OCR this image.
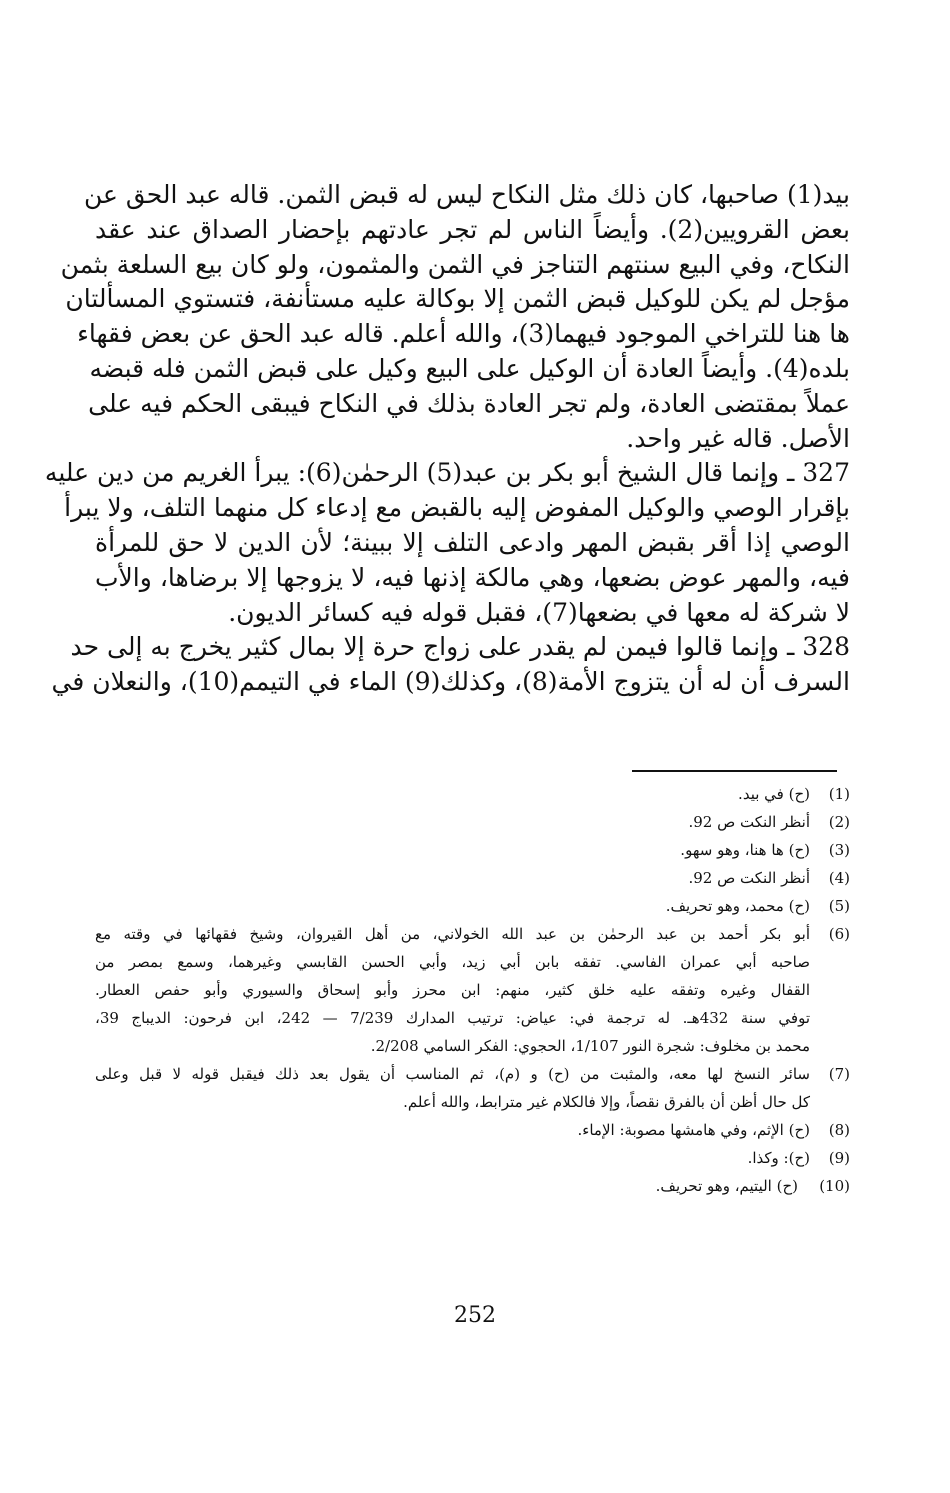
بيد(1) صاحبها، كان ذلك مثل النكاح ليس له قبض الثمن. قاله عبد الحق عن
بعض القرويين(2). وأيضاً الناس لم تجر عادتهم بإحضار الصداق عند عقد
النكاح، وفي البيع سنتهم التناجز في الثمن والمثمون، ولو كان بيع السلعة بثمن
مؤجل لم يكن للوكيل قبض الثمن إلا بوكالة عليه مستأنفة، فتستوي المسألتان
ها هنا للتراخي الموجود فيهما(3)، والله أعلم. قاله عبد الحق عن بعض فقهاء
بلده(4). وأيضاً العادة أن الوكيل على البيع وكيل على قبض الثمن فله قبضه
عملاً بمقتضى العادة، ولم تجر العادة بذلك في النكاح فيبقى الحكم فيه على
الأصل. قاله غير واحد.
327 ـ وإنما قال الشيخ أبو بكر بن عبد(5) الرحمٰن(6): يبرأ الغريم من دين عليه
بإقرار الوصي والوكيل المفوض إليه بالقبض مع إدعاء كل منهما التلف، ولا يبرأ
الوصي إذا أقر بقبض المهر وادعى التلف إلا ببينة؛ لأن الدين لا حق للمرأة
فيه، والمهر عوض بضعها، وهي مالكة إذنها فيه، لا يزوجها إلا برضاها، والأب
لا شركة له معها في بضعها(7)، فقبل قوله فيه كسائر الديون.
328 ـ وإنما قالوا فيمن لم يقدر على زواج حرة إلا بمال كثير يخرج به إلى حد
السرف أن له أن يتزوج الأمة(8)، وكذلك(9) الماء في التيمم(10)، والنعلان في
(1)
(ح) في بيد.
(2)
أنظر النكت ص 92.
(3)
(ح) ها هنا، وهو سهو.
(4)
أنظر النكت ص 92.
(5)
(ح) محمد، وهو تحريف.
(6)
أبو بكر أحمد بن عبد الرحمٰن بن عبد الله الخولاني، من أهل القيروان، وشيخ فقهائها في وقته مع
صاحبه أبي عمران الفاسي. تفقه بابن أبي زيد، وأبي الحسن القابسي وغيرهما، وسمع بمصر من
القفال وغيره وتفقه عليه خلق كثير، منهم: ابن محرز وأبو إسحاق والسيوري وأبو حفص العطار.
توفي سنة 432هـ. له ترجمة في: عياض: ترتيب المدارك 7/239 — 242، ابن فرحون: الديباج 39،
محمد بن مخلوف: شجرة النور 1/107، الحجوي: الفكر السامي 2/208.
(7)
سائر النسخ لها معه، والمثبت من (ح) و (م)، ثم المناسب أن يقول بعد ذلك فيقبل قوله لا قبل وعلى
كل حال أظن أن بالفرق نقصاً، وإلا فالكلام غير مترابط، والله أعلم.
(8)
(ح) الإثم، وفي هامشها مصوبة: الإماء.
(9)
(ح): وكذا.
(10)
(ح) اليتيم، وهو تحريف.
252
